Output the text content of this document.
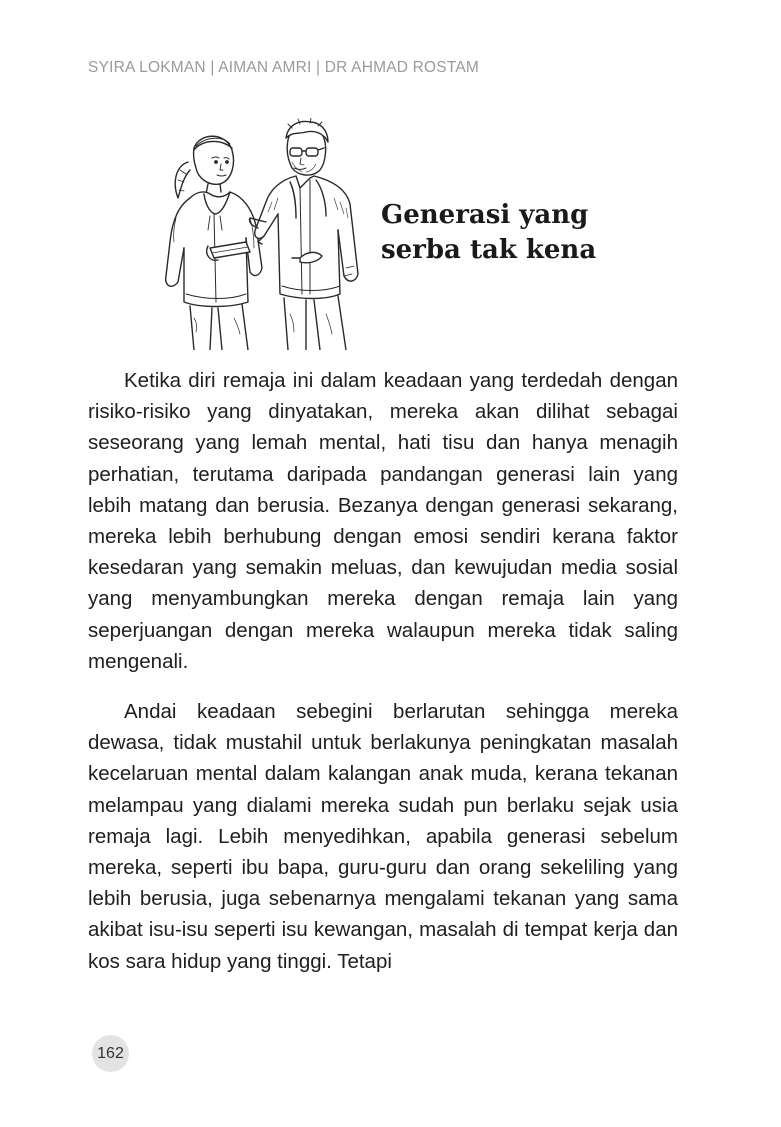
SYIRA LOKMAN | AIMAN AMRI | DR AHMAD ROSTAM
Generasi yang
serba tak kena

Ketika diri remaja ini dalam keadaan yang terdedah dengan risiko-risiko yang dinyatakan, mereka akan dilihat sebagai seseorang yang lemah mental, hati tisu dan hanya menagih perhatian, terutama daripada pandangan generasi lain yang lebih matang dan berusia. Bezanya dengan generasi sekarang, mereka lebih berhubung dengan emosi sendiri kerana faktor kesedaran yang semakin meluas, dan kewujudan media sosial yang menyambungkan mereka dengan remaja lain yang seperjuangan dengan mereka walaupun mereka tidak saling mengenali.

Andai keadaan sebegini berlarutan sehingga mereka dewasa, tidak mustahil untuk berlakunya peningkatan masalah kecelaruan mental dalam kalangan anak muda, kerana tekanan melampau yang dialami mereka sudah pun berlaku sejak usia remaja lagi. Lebih menyedihkan, apabila generasi sebelum mereka, seperti ibu bapa, guru-guru dan orang sekeliling yang lebih berusia, juga sebenarnya mengalami tekanan yang sama akibat isu-isu seperti isu kewangan, masalah di tempat kerja dan kos sara hidup yang tinggi. Tetapi

162
